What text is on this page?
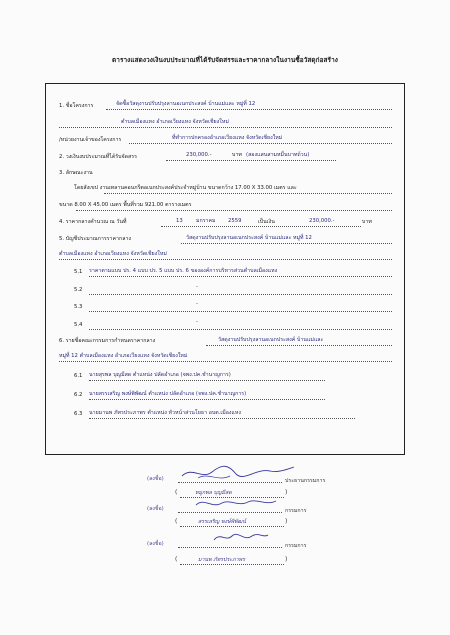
ตารางแสดงวงเงินงบประมาณที่ได้รับจัดสรรและราคากลางในงานซื้อวัสดุก่อสร้าง
1. ชื่อโครงการ	จัดซื้อวัสดุงานปรับปรุงลานอเนกประสงค์ บ้านแม่และ หมู่ที่ 12
ตำบลเมืองแหง อำเภอเวียงแหง จังหวัดเชียงใหม่
/หน่วยงานเจ้าของโครงการ	ที่ทำการปกครองอำเภอเวียงแหง จังหวัดเชียงใหม่
2. วงเงินงบประมาณที่ได้รับจัดสรร	230,000.-	บาท (สองแสนสามหมื่นบาทถ้วน)
3. ลักษณะงาน
โดยสังเขป งานเทลานคอนกรีตอเนกประสงค์ประจำหมู่บ้าน ขนาดกว้าง 17.00 X 33.00 เมตร และ
ขนาด 8.00 X 45.00 เมตร พื้นที่รวม 921.00 ตารางเมตร
4. ราคากลางคำนวณ ณ วันที่	13	มกราคม 2559	เป็นเงิน	230,000.-	บาท
5. บัญชีประมาณการราคากลาง	วัสดุงานปรับปรุงลานอเนกประสงค์ บ้านแม่และ หมู่ที่ 12
ตำบลเมืองแหง อำเภอเวียงแหง จังหวัดเชียงใหม่
5.1 ราคาตามแบบ ปร. 4 แบบ ปร. 5 แบบ ปร. 6 ขององค์การบริหารส่วนตำบลเมืองแหง
5.2	-
5.3	-
5.4	-
6. รายชื่อคณะกรรมการกำหนดราคากลาง	วัสดุงานปรับปรุงลานอเนกประสงค์ บ้านแม่และ
หมู่ที่ 12 ตำบลเมืองแหง อำเภอเวียงแหง จังหวัดเชียงใหม่
6.1 นายสุรพล บุญมีสด ตำแหน่ง ปลัดอำเภอ (จพง.ปค.ชำนาญการ)
6.2 นายสรรเสริญ พงษ์พิพัฒน์ ตำแหน่ง ปลัดอำเภอ (จพง.ปค.ชำนาญการ)
6.3 นายมานพ ภัทรประภาพร ตำแหน่ง หัวหน้าส่วนโยธา อบต.เมืองแหง
(ลงชื่อ)	ประธานกรรมการ
(	หมูกพล บุญมีสด	)
(ลงชื่อ)	กรรมการ
(	สรรเสริญ พงษ์พิพัฒน์	)
(ลงชื่อ)	กรรมการ
(	มานพ ภัทรประภาพร	)
